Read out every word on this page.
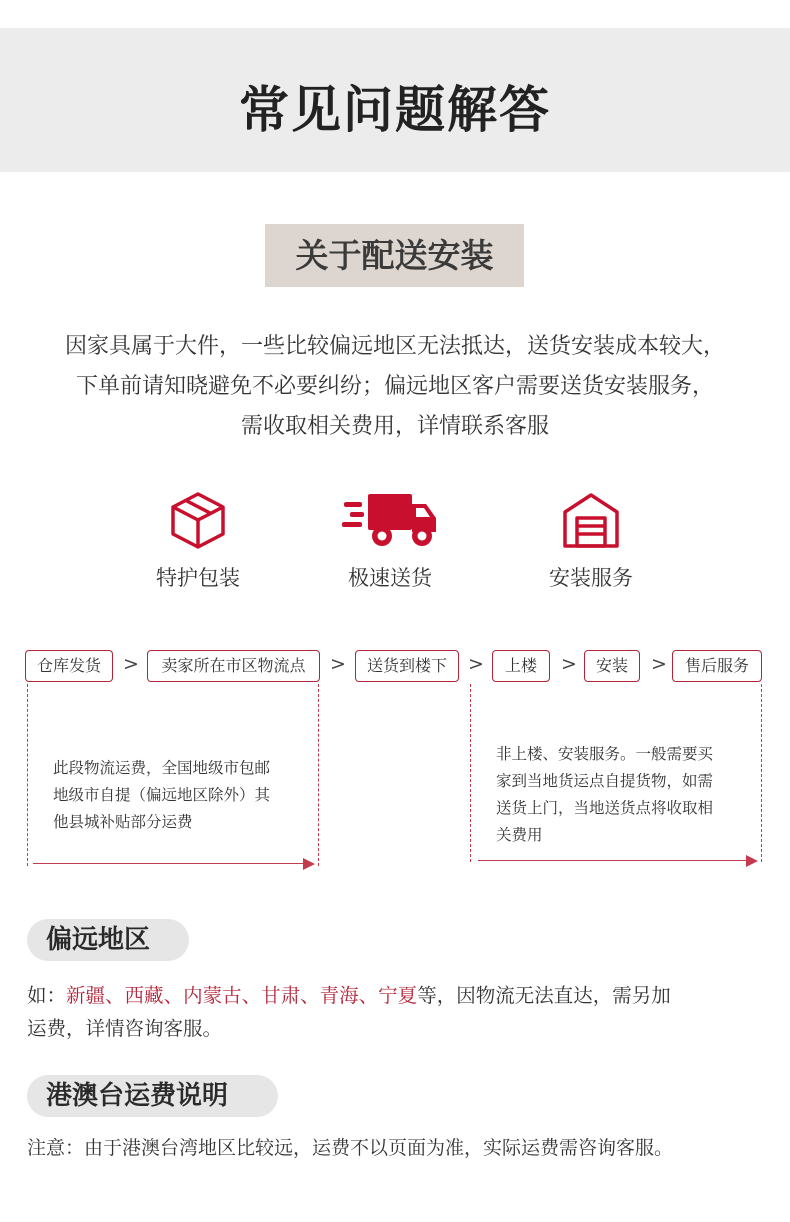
常见问题解答
关于配送安装
因家具属于大件，一些比较偏远地区无法抵达，送货安装成本较大，
下单前请知晓避免不必要纠纷；偏远地区客户需要送货安装服务，
需收取相关费用，详情联系客服
特护包装	极速送货	安装服务
仓库发货	>	卖家所在市区物流点	>	送货到楼下	>	上楼	>	安装	>	售后服务
此段物流运费，全国地级市包邮
地级市自提（偏远地区除外）其
他县城补贴部分运费
非上楼、安装服务。一般需要买
家到当地货运点自提货物，如需
送货上门，当地送货点将收取相
关费用
偏远地区
如：新疆、西藏、内蒙古、甘肃、青海、宁夏等，因物流无法直达，需另加
运费，详情咨询客服。
港澳台运费说明
注意：由于港澳台湾地区比较远，运费不以页面为准，实际运费需咨询客服。
